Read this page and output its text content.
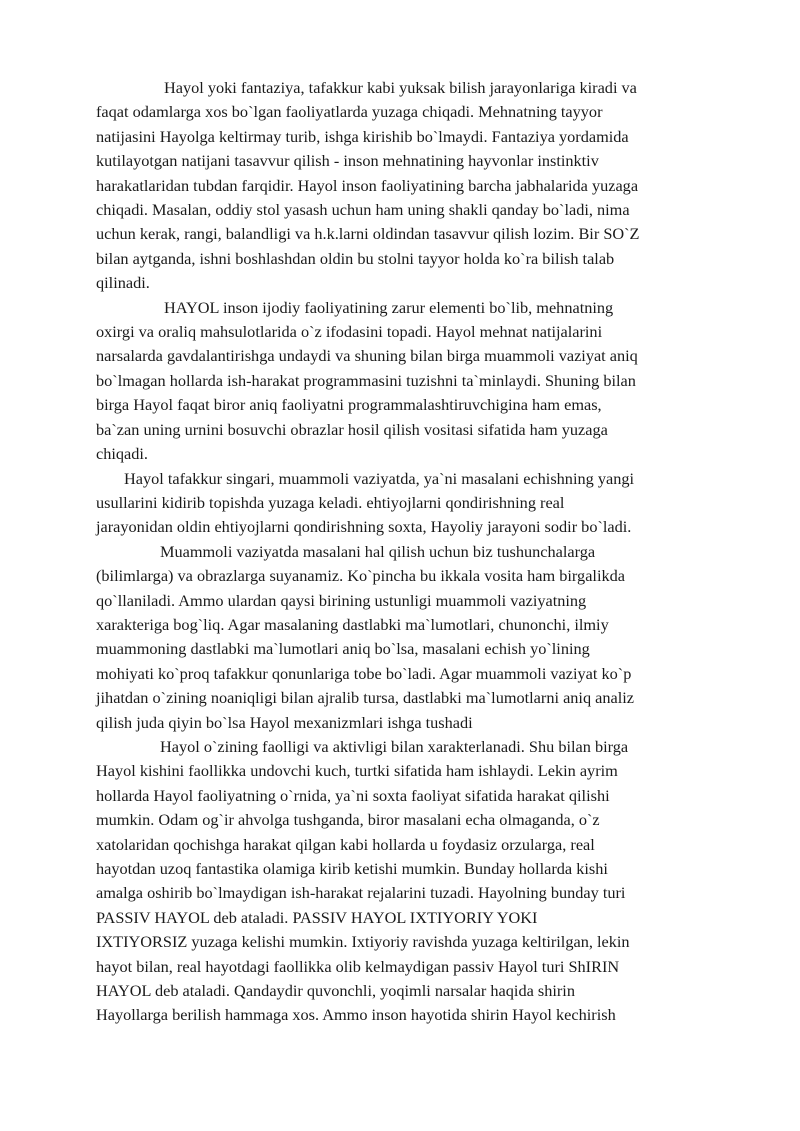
Hayol yoki fantaziya, tafakkur kabi yuksak bilish jarayonlariga kiradi va
faqat odamlarga xos bo`lgan faoliyatlarda yuzaga chiqadi. Mehnatning tayyor
natijasini Hayolga keltirmay turib, ishga kirishib bo`lmaydi. Fantaziya yordamida
kutilayotgan natijani tasavvur qilish - inson mehnatining hayvonlar instinktiv
harakatlaridan tubdan farqidir. Hayol inson faoliyatining barcha jabhalarida yuzaga
chiqadi. Masalan, oddiy stol yasash uchun ham uning shakli qanday bo`ladi, nima
uchun kerak, rangi, balandligi va h.k.larni oldindan tasavvur qilish lozim. Bir SO`Z
bilan aytganda, ishni boshlashdan oldin bu stolni tayyor holda ko`ra bilish talab
qilinadi.

HAYOL inson ijodiy faoliyatining zarur elementi bo`lib, mehnatning
oxirgi va oraliq mahsulotlarida o`z ifodasini topadi. Hayol mehnat natijalarini
narsalarda gavdalantirishga undaydi va shuning bilan birga muammoli vaziyat aniq
bo`lmagan hollarda ish-harakat programmasini tuzishni ta`minlaydi. Shuning bilan
birga Hayol faqat biror aniq faoliyatni programmalashtiruvchigina ham emas,
ba`zan uning urnini bosuvchi obrazlar hosil qilish vositasi sifatida ham yuzaga
chiqadi.

Hayol tafakkur singari, muammoli vaziyatda, ya`ni masalani echishning yangi
usullarini kidirib topishda yuzaga keladi. ehtiyojlarni qondirishning real
jarayonidan oldin ehtiyojlarni qondirishning soxta, Hayoliy jarayoni sodir bo`ladi.

Muammoli vaziyatda masalani hal qilish uchun biz tushunchalarga
(bilimlarga) va obrazlarga suyanamiz. Ko`pincha bu ikkala vosita ham birgalikda
qo`llaniladi. Ammo ulardan qaysi birining ustunligi muammoli vaziyatning
xarakteriga bog`liq. Agar masalaning dastlabki ma`lumotlari, chunonchi, ilmiy
muammoning dastlabki ma`lumotlari aniq bo`lsa, masalani echish yo`lining
mohiyati ko`proq tafakkur qonunlariga tobe bo`ladi. Agar muammoli vaziyat ko`p
jihatdan o`zining noaniqligi bilan ajralib tursa, dastlabki ma`lumotlarni aniq analiz
qilish juda qiyin bo`lsa Hayol mexanizmlari ishga tushadi

Hayol o`zining faolligi va aktivligi bilan xarakterlanadi. Shu bilan birga
Hayol kishini faollikka undovchi kuch, turtki sifatida ham ishlaydi. Lekin ayrim
hollarda Hayol faoliyatning o`rnida, ya`ni soxta faoliyat sifatida harakat qilishi
mumkin. Odam og`ir ahvolga tushganda, biror masalani echa olmaganda, o`z
xatolaridan qochishga harakat qilgan kabi hollarda u foydasiz orzularga, real
hayotdan uzoq fantastika olamiga kirib ketishi mumkin. Bunday hollarda kishi
amalga oshirib bo`lmaydigan ish-harakat rejalarini tuzadi. Hayolning bunday turi
PASSIV HAYOL deb ataladi. PASSIV HAYOL IXTIYORIY YOKI
IXTIYORSIZ yuzaga kelishi mumkin. Ixtiyoriy ravishda yuzaga keltirilgan, lekin
hayot bilan, real hayotdagi faollikka olib kelmaydigan passiv Hayol turi ShIRIN
HAYOL deb ataladi. Qandaydir quvonchli, yoqimli narsalar haqida shirin
Hayollarga berilish hammaga xos. Ammo inson hayotida shirin Hayol kechirish
